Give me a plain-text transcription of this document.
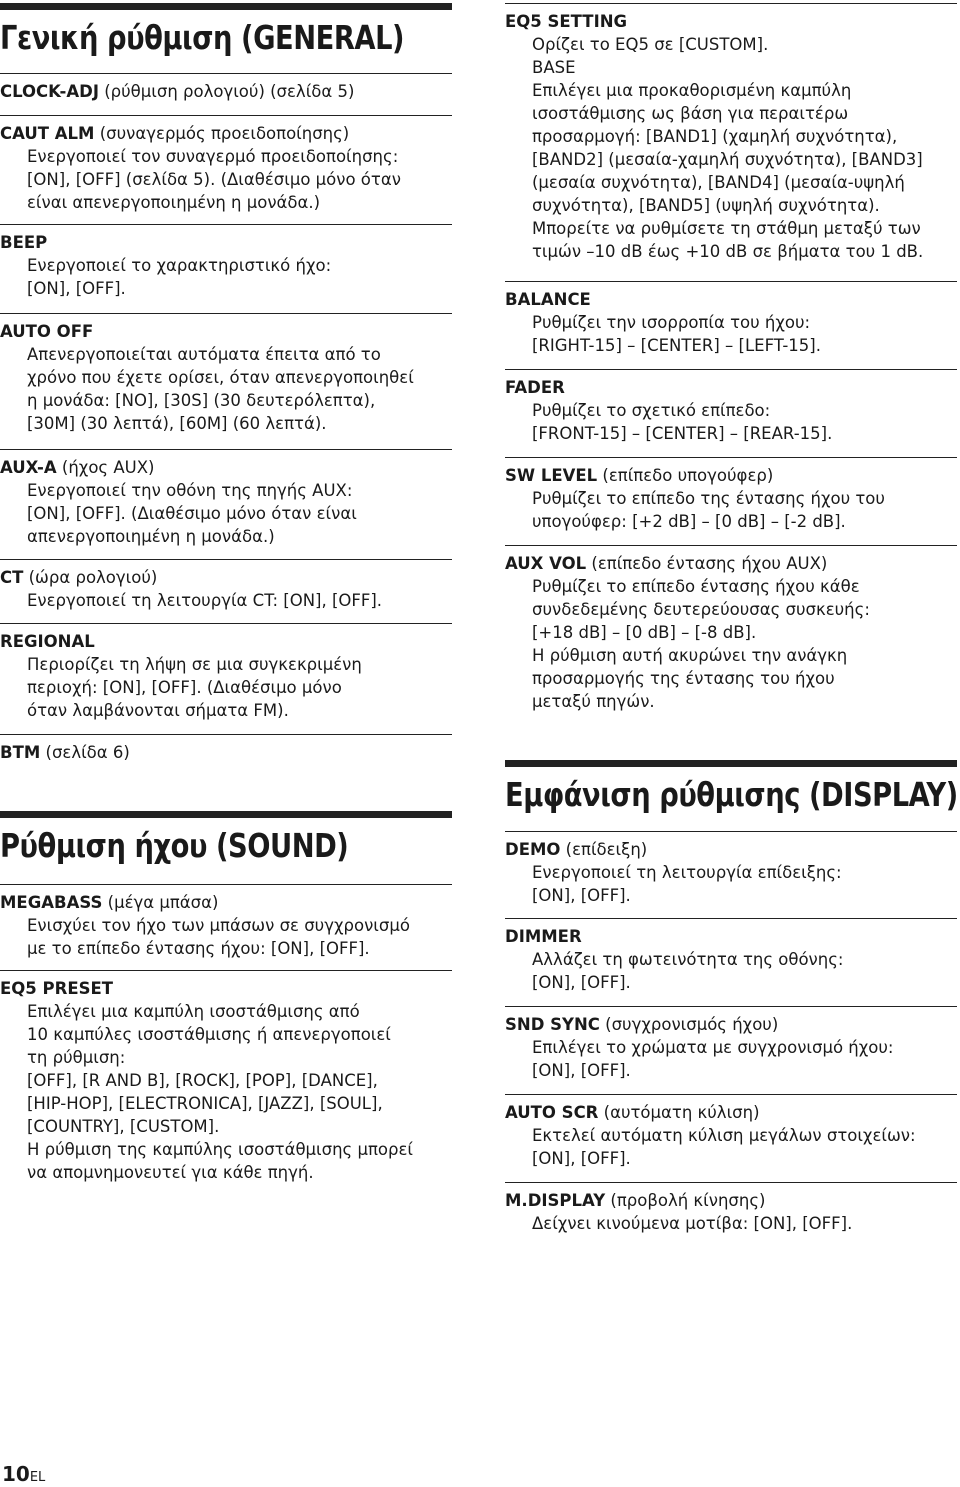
Γενική ρύθμιση (GENERAL)
CLOCK-ADJ (ρύθμιση ρολογιού) (σελίδα 5)
CAUT ALM (συναγερμός προειδοποίησης)
Ενεργοποιεί τον συναγερμό προειδοποίησης:
[ON], [OFF] (σελίδα 5). (Διαθέσιμο μόνο όταν
είναι απενεργοποιημένη η μονάδα.)
BEEP
Ενεργοποιεί το χαρακτηριστικό ήχο:
[ON], [OFF].
AUTO OFF
Απενεργοποιείται αυτόματα έπειτα από το
χρόνο που έχετε ορίσει, όταν απενεργοποιηθεί
η μονάδα: [NO], [30S] (30 δευτερόλεπτα),
[30M] (30 λεπτά), [60M] (60 λεπτά).
AUX-A (ήχος AUX)
Ενεργοποιεί την οθόνη της πηγής AUX:
[ON], [OFF]. (Διαθέσιμο μόνο όταν είναι
απενεργοποιημένη η μονάδα.)
CT (ώρα ρολογιού)
Ενεργοποιεί τη λειτουργία CT: [ON], [OFF].
REGIONAL
Περιορίζει τη λήψη σε μια συγκεκριμένη
περιοχή: [ON], [OFF]. (Διαθέσιμο μόνο
όταν λαμβάνονται σήματα FM).
BTM (σελίδα 6)
Ρύθμιση ήχου (SOUND)
MEGABASS (μέγα μπάσα)
Ενισχύει τον ήχο των μπάσων σε συγχρονισμό
με το επίπεδο έντασης ήχου: [ON], [OFF].
EQ5 PRESET
Επιλέγει μια καμπύλη ισοστάθμισης από
10 καμπύλες ισοστάθμισης ή απενεργοποιεί
τη ρύθμιση:
[OFF], [R AND B], [ROCK], [POP], [DANCE],
[HIP-HOP], [ELECTRONICA], [JAZZ], [SOUL],
[COUNTRY], [CUSTOM].
Η ρύθμιση της καμπύλης ισοστάθμισης μπορεί
να απομνημονευτεί για κάθε πηγή.
EQ5 SETTING
Ορίζει το EQ5 σε [CUSTOM].
BASE
Επιλέγει μια προκαθορισμένη καμπύλη
ισοστάθμισης ως βάση για περαιτέρω
προσαρμογή: [BAND1] (χαμηλή συχνότητα),
[BAND2] (μεσαία-χαμηλή συχνότητα), [BAND3]
(μεσαία συχνότητα), [BAND4] (μεσαία-υψηλή
συχνότητα), [BAND5] (υψηλή συχνότητα).
Μπορείτε να ρυθμίσετε τη στάθμη μεταξύ των
τιμών –10 dB έως +10 dB σε βήματα του 1 dB.
BALANCE
Ρυθμίζει την ισορροπία του ήχου:
[RIGHT-15] – [CENTER] – [LEFT-15].
FADER
Ρυθμίζει το σχετικό επίπεδο:
[FRONT-15] – [CENTER] – [REAR-15].
SW LEVEL (επίπεδο υπογούφερ)
Ρυθμίζει το επίπεδο της έντασης ήχου του
υπογούφερ: [+2 dB] – [0 dB] – [-2 dB].
AUX VOL (επίπεδο έντασης ήχου AUX)
Ρυθμίζει το επίπεδο έντασης ήχου κάθε
συνδεδεμένης δευτερεύουσας συσκευής:
[+18 dB] – [0 dB] – [-8 dB].
Η ρύθμιση αυτή ακυρώνει την ανάγκη
προσαρμογής της έντασης του ήχου
μεταξύ πηγών.
Εμφάνιση ρύθμισης (DISPLAY)
DEMO (επίδειξη)
Ενεργοποιεί τη λειτουργία επίδειξης:
[ON], [OFF].
DIMMER
Αλλάζει τη φωτεινότητα της οθόνης:
[ON], [OFF].
SND SYNC (συγχρονισμός ήχου)
Επιλέγει το χρώματα με συγχρονισμό ήχου:
[ON], [OFF].
AUTO SCR (αυτόματη κύλιση)
Εκτελεί αυτόματη κύλιση μεγάλων στοιχείων:
[ON], [OFF].
M.DISPLAY (προβολή κίνησης)
Δείχνει κινούμενα μοτίβα: [ON], [OFF].
10EL
